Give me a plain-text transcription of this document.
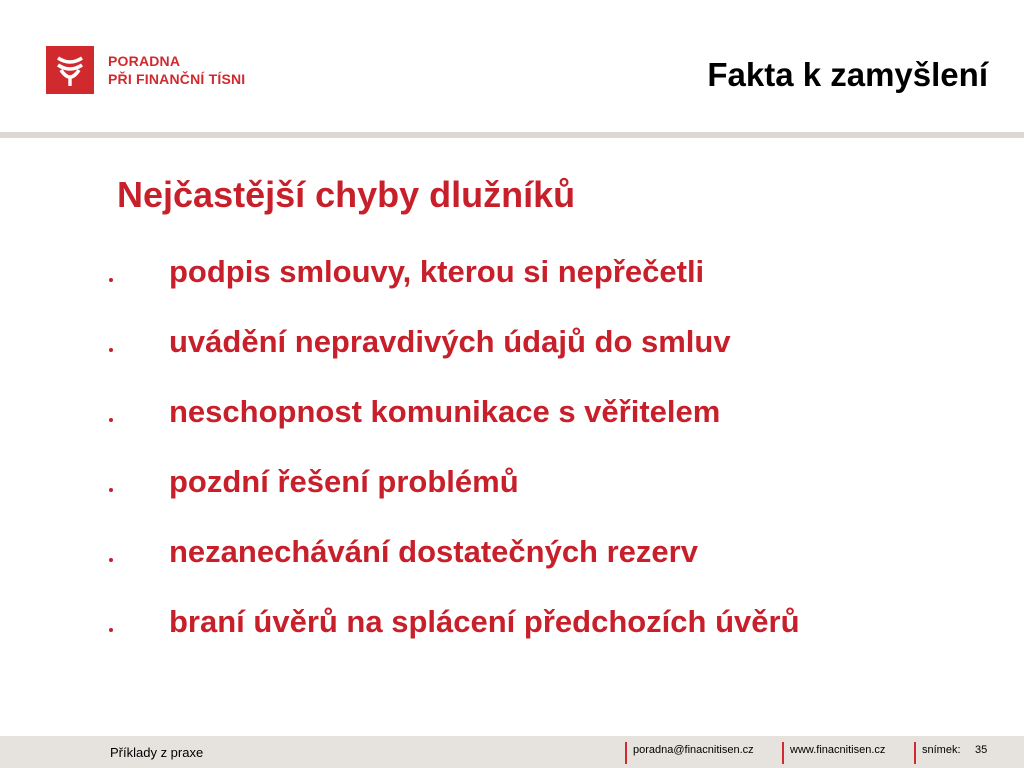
PORADNA
PŘI FINANČNÍ TÍSNI	Fakta k zamyšlení
Nejčastější chyby dlužníků
podpis smlouvy, kterou si nepřečetli
uvádění nepravdivých údajů do smluv
neschopnost komunikace s věřitelem
pozdní řešení problémů
nezanechávání dostatečných rezerv
braní úvěrů na splácení předchozích úvěrů
Příklady z praxe	poradna@finacnitisen.cz	www.finacnitisen.cz	snímek: 35
